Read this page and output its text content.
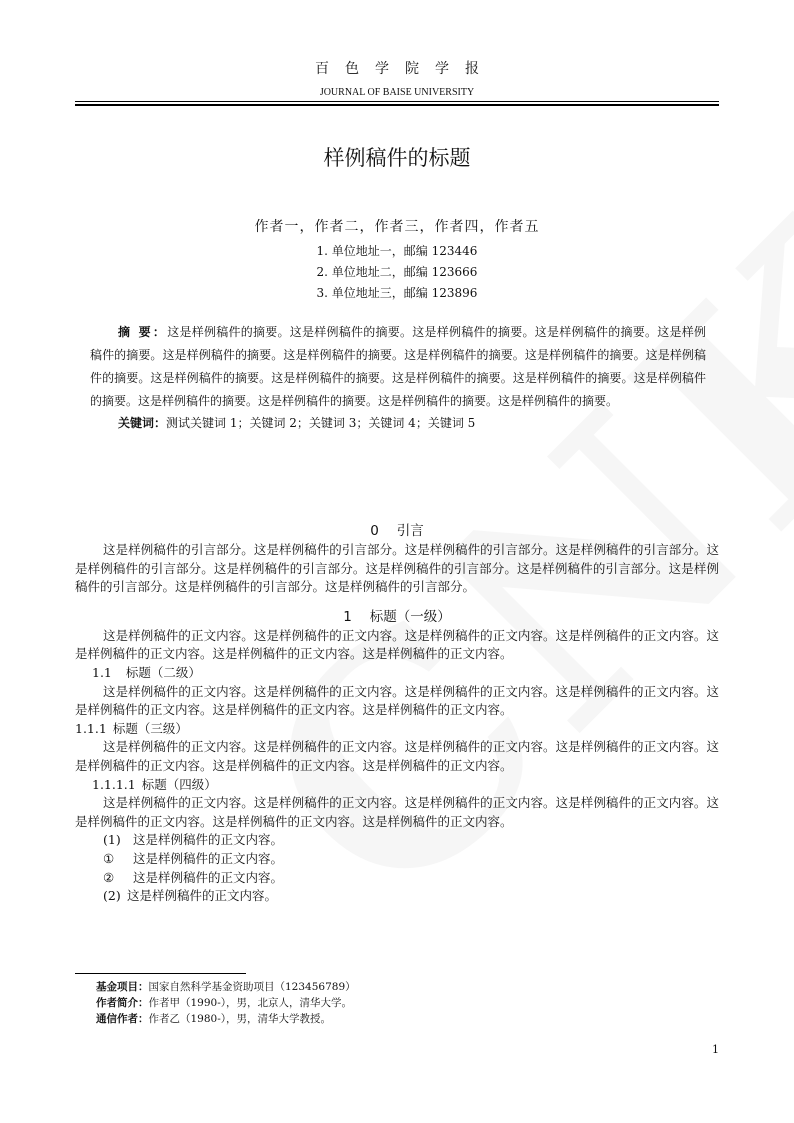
百色学院学报
JOURNAL OF BAISE UNIVERSITY
样例稿件的标题
作者一，作者二，作者三，作者四，作者五
1. 单位地址一，邮编 123446
2. 单位地址二，邮编 123666
3. 单位地址三，邮编 123896
摘 要：这是样例稿件的摘要。这是样例稿件的摘要。这是样例稿件的摘要。这是样例稿件的摘要。这是样例稿件的摘要。这是样例稿件的摘要。这是样例稿件的摘要。这是样例稿件的摘要。这是样例稿件的摘要。这是样例稿件的摘要。这是样例稿件的摘要。这是样例稿件的摘要。这是样例稿件的摘要。这是样例稿件的摘要。这是样例稿件的摘要。这是样例稿件的摘要。这是样例稿件的摘要。这是样例稿件的摘要。这是样例稿件的摘要。
关键词：测试关键词 1；关键词 2；关键词 3；关键词 4；关键词 5
0 引言
这是样例稿件的引言部分。这是样例稿件的引言部分。这是样例稿件的引言部分。这是样例稿件的引言部分。这是样例稿件的引言部分。这是样例稿件的引言部分。这是样例稿件的引言部分。这是样例稿件的引言部分。这是样例稿件的引言部分。这是样例稿件的引言部分。这是样例稿件的引言部分。
1 标题（一级）
这是样例稿件的正文内容。这是样例稿件的正文内容。这是样例稿件的正文内容。这是样例稿件的正文内容。这是样例稿件的正文内容。这是样例稿件的正文内容。这是样例稿件的正文内容。
1.1 标题（二级）
这是样例稿件的正文内容。这是样例稿件的正文内容。这是样例稿件的正文内容。这是样例稿件的正文内容。这是样例稿件的正文内容。这是样例稿件的正文内容。这是样例稿件的正文内容。
1.1.1 标题（三级）
这是样例稿件的正文内容。这是样例稿件的正文内容。这是样例稿件的正文内容。这是样例稿件的正文内容。这是样例稿件的正文内容。这是样例稿件的正文内容。这是样例稿件的正文内容。
1.1.1.1 标题（四级）
这是样例稿件的正文内容。这是样例稿件的正文内容。这是样例稿件的正文内容。这是样例稿件的正文内容。这是样例稿件的正文内容。这是样例稿件的正文内容。这是样例稿件的正文内容。
(1) 这是样例稿件的正文内容。
① 这是样例稿件的正文内容。
② 这是样例稿件的正文内容。
(2) 这是样例稿件的正文内容。
基金项目：国家自然科学基金资助项目（123456789）
作者简介：作者甲（1990-），男，北京人，清华大学。
通信作者：作者乙（1980-），男，清华大学教授。
1
